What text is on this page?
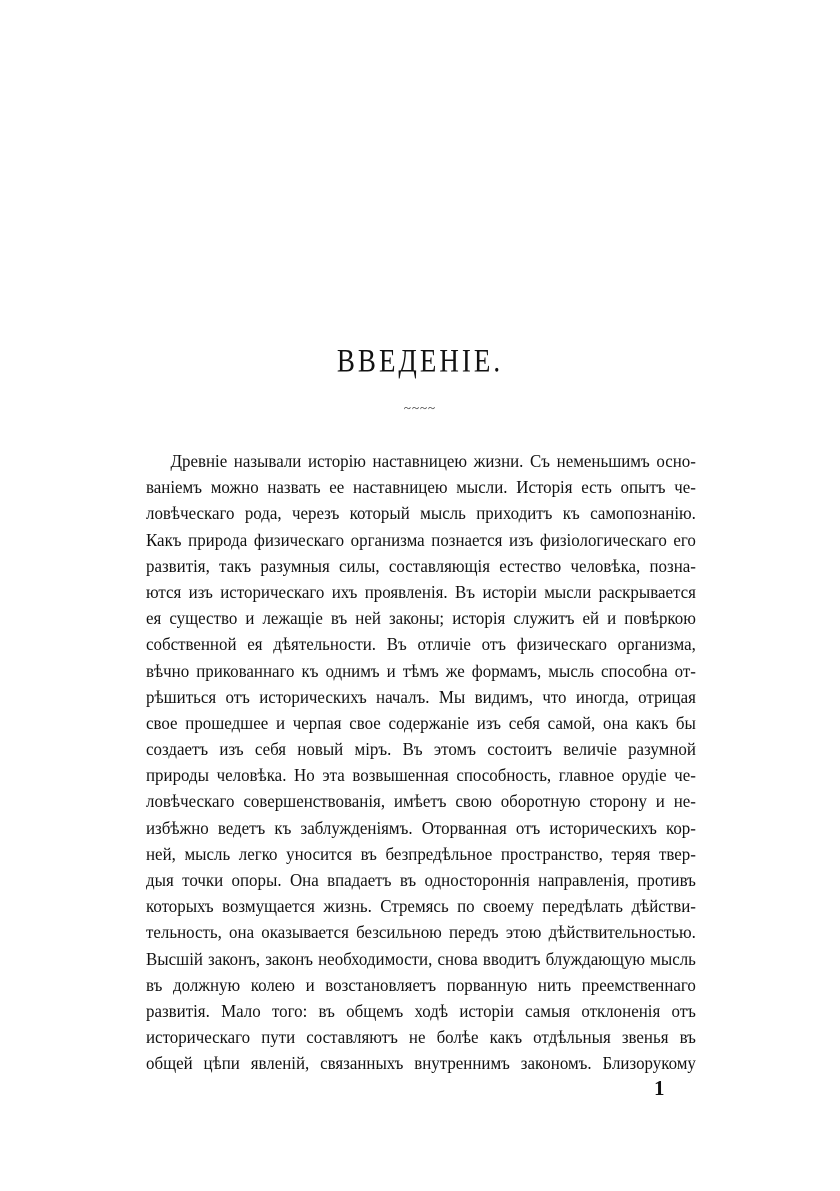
ВВЕДЕНІЕ.
~~~~
Древніе называли исторію наставницею жизни. Съ неменьшимъ осно-
ваніемъ можно назвать ее наставницею мысли. Исторія есть опытъ че-
ловѣческаго рода, черезъ который мысль приходитъ къ самопознанію.
Какъ природа физическаго организма познается изъ физіологическаго его
развитія, такъ разумныя силы, составляющія естество человѣка, позна-
ются изъ историческаго ихъ проявленія. Въ исторіи мысли раскрывается
ея существо и лежащіе въ ней законы; исторія служитъ ей и повѣркою
собственной ея дѣятельности. Въ отличіе отъ физическаго организма,
вѣчно прикованнаго къ однимъ и тѣмъ же формамъ, мысль способна от-
рѣшиться отъ историческихъ началъ. Мы видимъ, что иногда, отрицая
свое прошедшее и черпая свое содержаніе изъ себя самой, она какъ бы
создаетъ изъ себя новый міръ. Въ этомъ состоитъ величіе разумной
природы человѣка. Но эта возвышенная способность, главное орудіе че-
ловѣческаго совершенствованія, имѣетъ свою оборотную сторону и не-
избѣжно ведетъ къ заблужденіямъ. Оторванная отъ историческихъ кор-
ней, мысль легко уносится въ безпредѣльное пространство, теряя твер-
дыя точки опоры. Она впадаетъ въ одностороннія направленія, противъ
которыхъ возмущается жизнь. Стремясь по своему передѣлать дѣйстви-
тельность, она оказывается безсильною передъ этою дѣйствительностью.
Высшій законъ, законъ необходимости, снова вводитъ блуждающую мысль
въ должную колею и возстановляетъ порванную нить преемственнаго
развитія. Мало того: въ общемъ ходѣ исторіи самыя отклоненія отъ
историческаго пути составляютъ не болѣе какъ отдѣльныя звенья въ
общей цѣпи явленій, связанныхъ внутреннимъ закономъ. Близорукому
1
